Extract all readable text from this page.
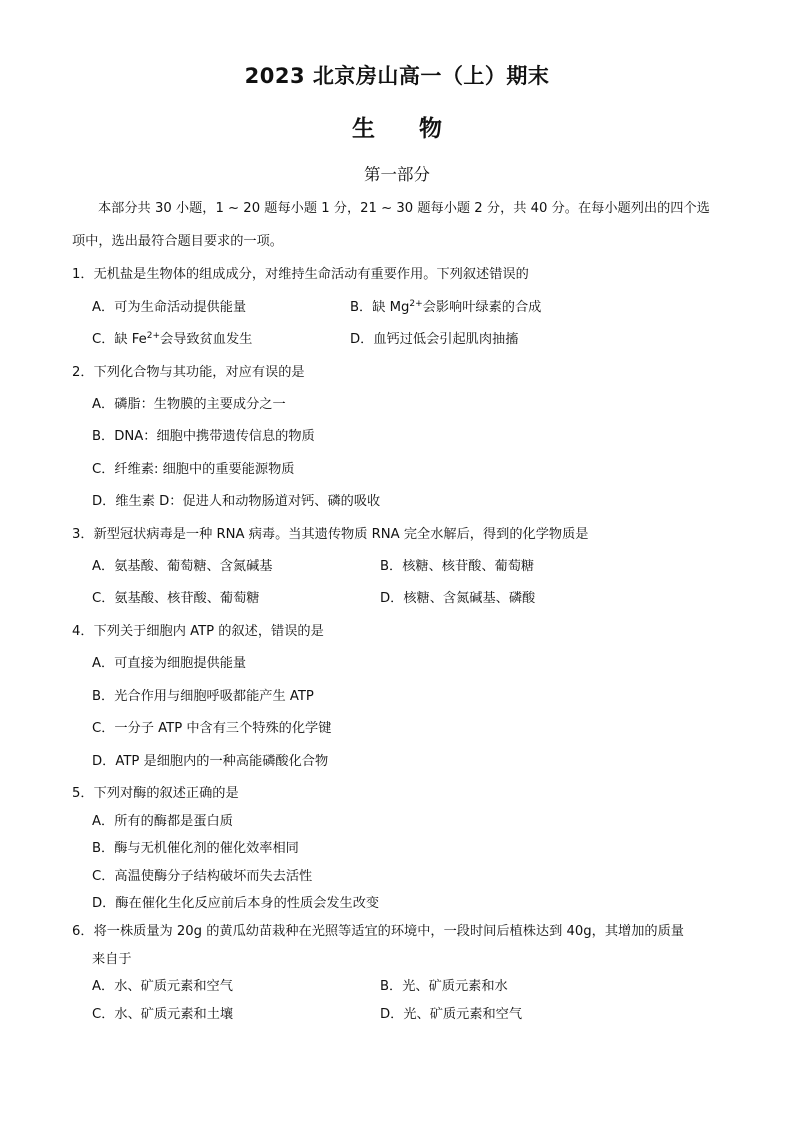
2023 北京房山高一（上）期末
生 物
第一部分
本部分共 30 小题，1 ~ 20 题每小题 1 分，21 ~ 30 题每小题 2 分，共 40 分。在每小题列出的四个选
项中，选出最符合题目要求的一项。
1．无机盐是生物体的组成成分，对维持生命活动有重要作用。下列叙述错误的
A．可为生命活动提供能量	B．缺 $Mg^{2+}$会影响叶绿素的合成
C．缺 $Fe^{2+}$会导致贫血发生	D．血钙过低会引起肌肉抽搐
2．下列化合物与其功能，对应有误的是
A．磷脂：生物膜的主要成分之一
B．DNA：细胞中携带遗传信息的物质
C．纤维素: 细胞中的重要能源物质
D．维生素 D：促进人和动物肠道对钙、磷的吸收
3．新型冠状病毒是一种 RNA 病毒。当其遗传物质 RNA 完全水解后，得到的化学物质是
A．氨基酸、葡萄糖、含氮碱基	B．核糖、核苷酸、葡萄糖
C．氨基酸、核苷酸、葡萄糖	D．核糖、含氮碱基、磷酸
4．下列关于细胞内 ATP 的叙述，错误的是
A．可直接为细胞提供能量
B．光合作用与细胞呼吸都能产生 ATP
C．一分子 ATP 中含有三个特殊的化学键
D．ATP 是细胞内的一种高能磷酸化合物
5．下列对酶的叙述正确的是
A．所有的酶都是蛋白质
B．酶与无机催化剂的催化效率相同
C．高温使酶分子结构破坏而失去活性
D．酶在催化生化反应前后本身的性质会发生改变
6．将一株质量为 20g 的黄瓜幼苗栽种在光照等适宜的环境中，一段时间后植株达到 40g，其增加的质量
来自于
A．水、矿质元素和空气	B．光、矿质元素和水
C．水、矿质元素和土壤	D．光、矿质元素和空气
